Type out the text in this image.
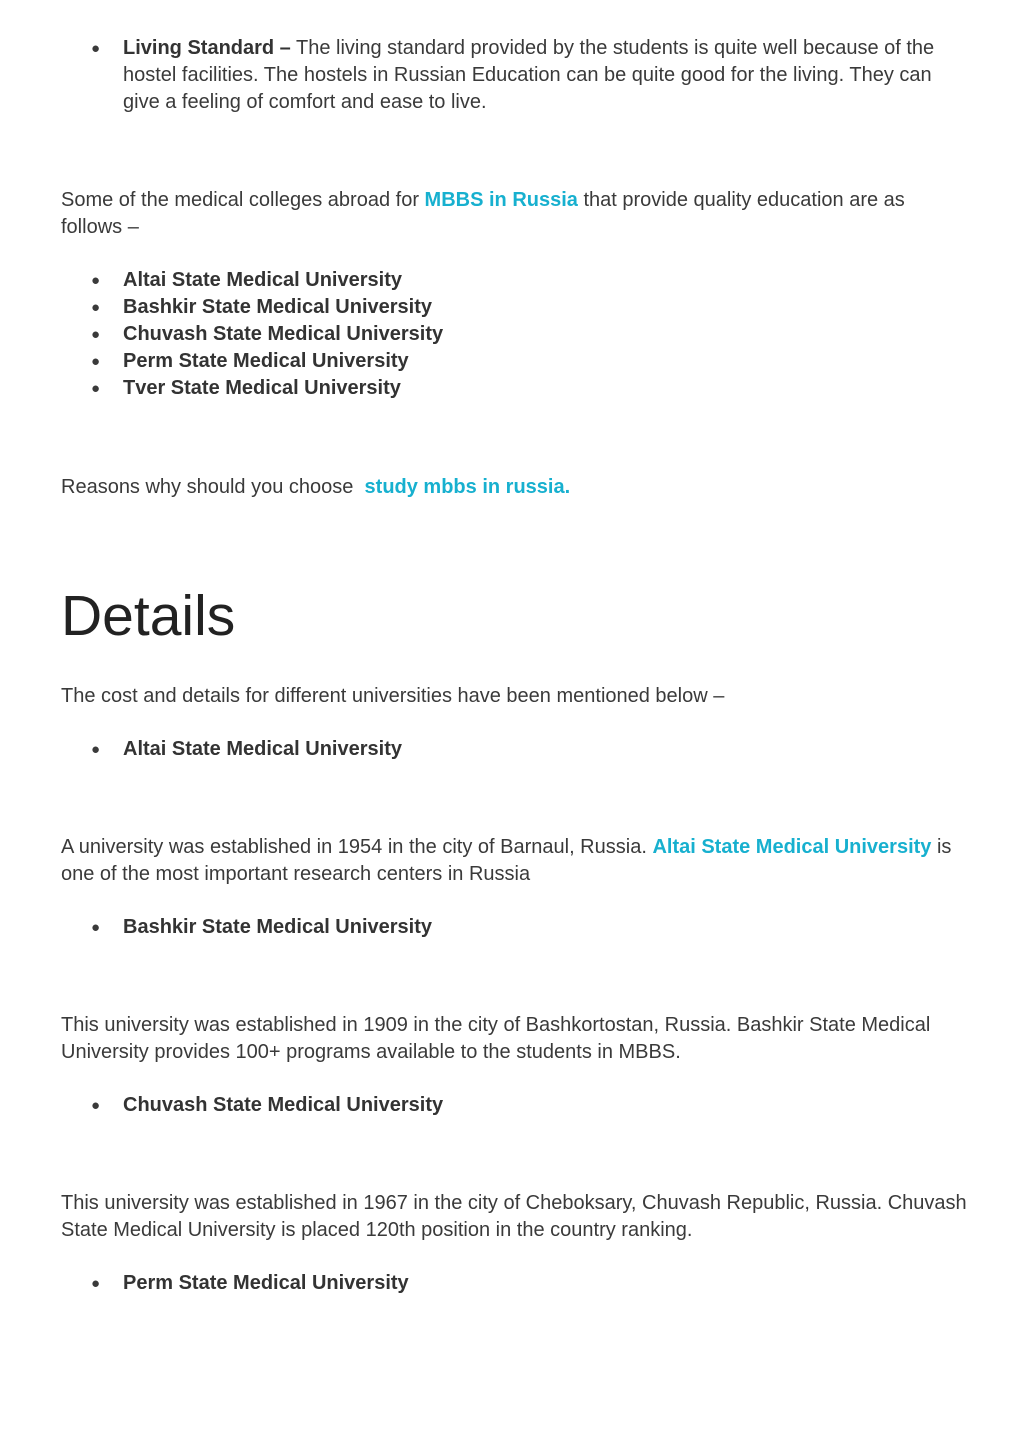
● Living Standard – The living standard provided by the students is quite well because of the hostel facilities. The hostels in Russian Education can be quite good for the living. They can give a feeling of comfort and ease to live.

Some of the medical colleges abroad for MBBS in Russia that provide quality education are as follows –

● Altai State Medical University
● Bashkir State Medical University
● Chuvash State Medical University
● Perm State Medical University
● Tver State Medical University

Reasons why should you choose study mbbs in russia.

Details

The cost and details for different universities have been mentioned below –

● Altai State Medical University

A university was established in 1954 in the city of Barnaul, Russia. Altai State Medical University is one of the most important research centers in Russia

● Bashkir State Medical University

This university was established in 1909 in the city of Bashkortostan, Russia. Bashkir State Medical University provides 100+ programs available to the students in MBBS.

● Chuvash State Medical University

This university was established in 1967 in the city of Cheboksary, Chuvash Republic, Russia. Chuvash State Medical University is placed 120th position in the country ranking.

● Perm State Medical University
